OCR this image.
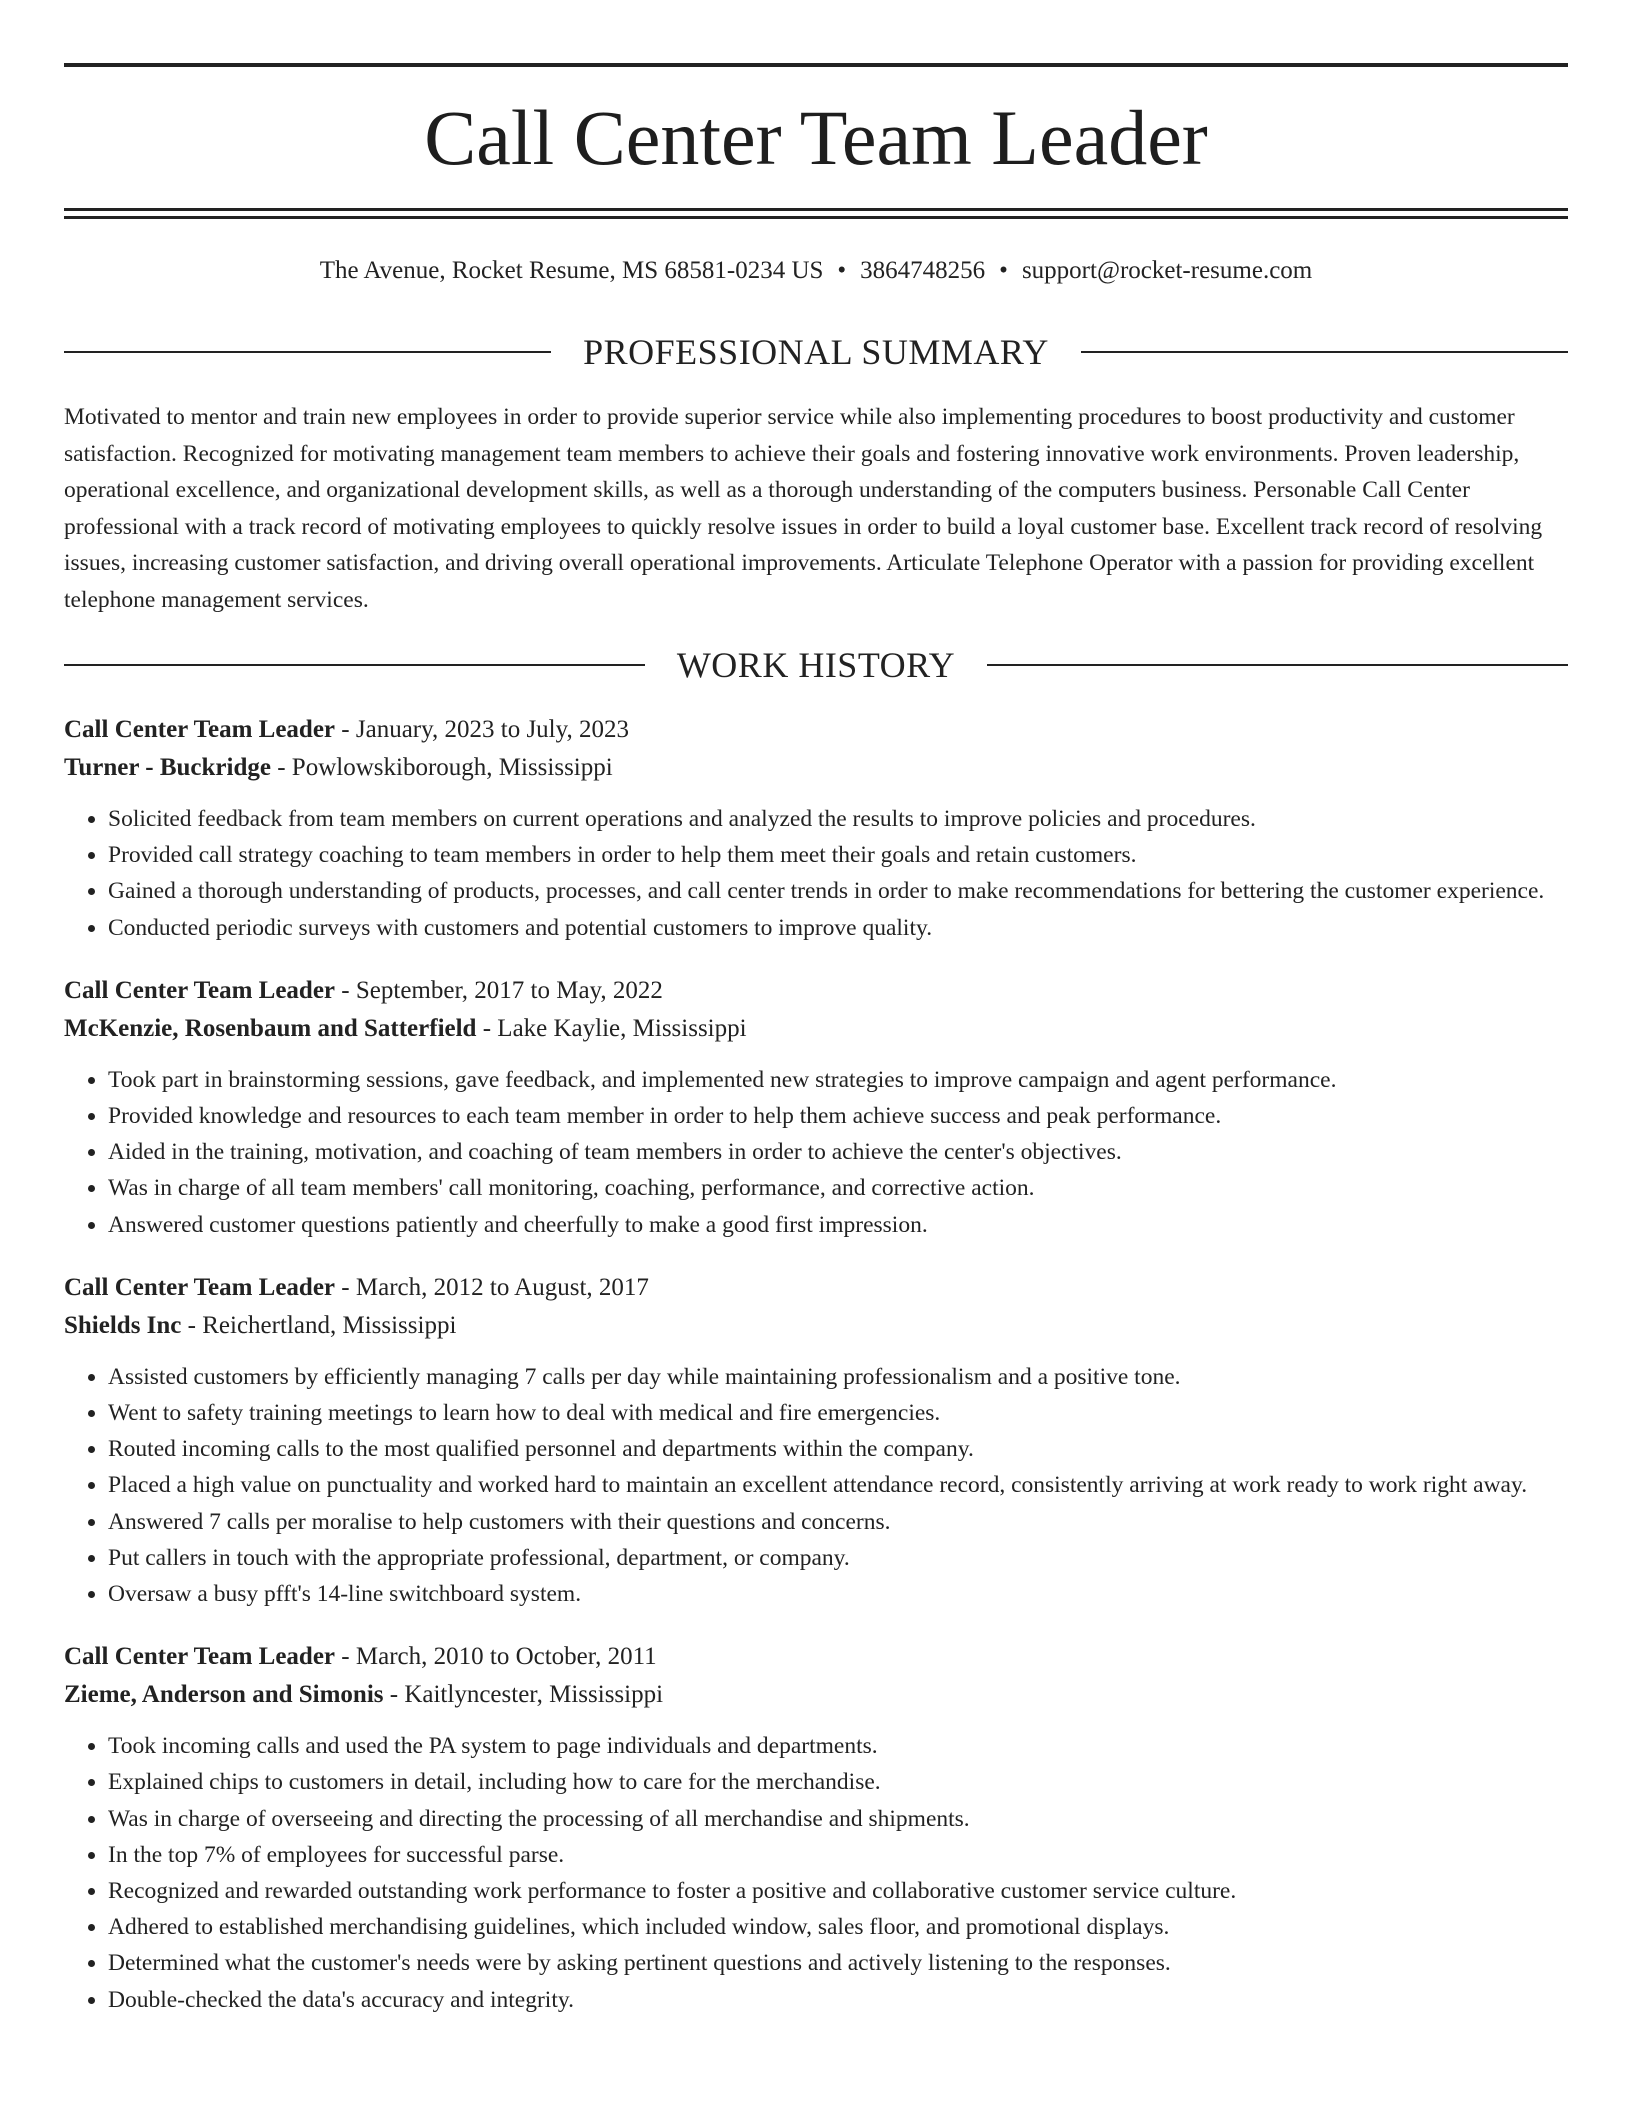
Call Center Team Leader
The Avenue, Rocket Resume, MS 68581-0234 US • 3864748256 • support@rocket-resume.com
PROFESSIONAL SUMMARY

Motivated to mentor and train new employees in order to provide superior service while also implementing procedures to boost productivity and customer satisfaction. Recognized for motivating management team members to achieve their goals and fostering innovative work environments. Proven leadership, operational excellence, and organizational development skills, as well as a thorough understanding of the computers business. Personable Call Center professional with a track record of motivating employees to quickly resolve issues in order to build a loyal customer base. Excellent track record of resolving issues, increasing customer satisfaction, and driving overall operational improvements. Articulate Telephone Operator with a passion for providing excellent telephone management services.

WORK HISTORY
Call Center Team Leader - January, 2023 to July, 2023
Turner - Buckridge - Powlowskiborough, Mississippi
• Solicited feedback from team members on current operations and analyzed the results to improve policies and procedures.
• Provided call strategy coaching to team members in order to help them meet their goals and retain customers.
• Gained a thorough understanding of products, processes, and call center trends in order to make recommendations for bettering the customer experience.
• Conducted periodic surveys with customers and potential customers to improve quality.
Call Center Team Leader - September, 2017 to May, 2022
McKenzie, Rosenbaum and Satterfield - Lake Kaylie, Mississippi
• Took part in brainstorming sessions, gave feedback, and implemented new strategies to improve campaign and agent performance.
• Provided knowledge and resources to each team member in order to help them achieve success and peak performance.
• Aided in the training, motivation, and coaching of team members in order to achieve the center's objectives.
• Was in charge of all team members' call monitoring, coaching, performance, and corrective action.
• Answered customer questions patiently and cheerfully to make a good first impression.
Call Center Team Leader - March, 2012 to August, 2017
Shields Inc - Reichertland, Mississippi
• Assisted customers by efficiently managing 7 calls per day while maintaining professionalism and a positive tone.
• Went to safety training meetings to learn how to deal with medical and fire emergencies.
• Routed incoming calls to the most qualified personnel and departments within the company.
• Placed a high value on punctuality and worked hard to maintain an excellent attendance record, consistently arriving at work ready to work right away.
• Answered 7 calls per moralise to help customers with their questions and concerns.
• Put callers in touch with the appropriate professional, department, or company.
• Oversaw a busy pfft's 14-line switchboard system.
Call Center Team Leader - March, 2010 to October, 2011
Zieme, Anderson and Simonis - Kaitlyncester, Mississippi
• Took incoming calls and used the PA system to page individuals and departments.
• Explained chips to customers in detail, including how to care for the merchandise.
• Was in charge of overseeing and directing the processing of all merchandise and shipments.
• In the top 7% of employees for successful parse.
• Recognized and rewarded outstanding work performance to foster a positive and collaborative customer service culture.
• Adhered to established merchandising guidelines, which included window, sales floor, and promotional displays.
• Determined what the customer's needs were by asking pertinent questions and actively listening to the responses.
• Double-checked the data's accuracy and integrity.
